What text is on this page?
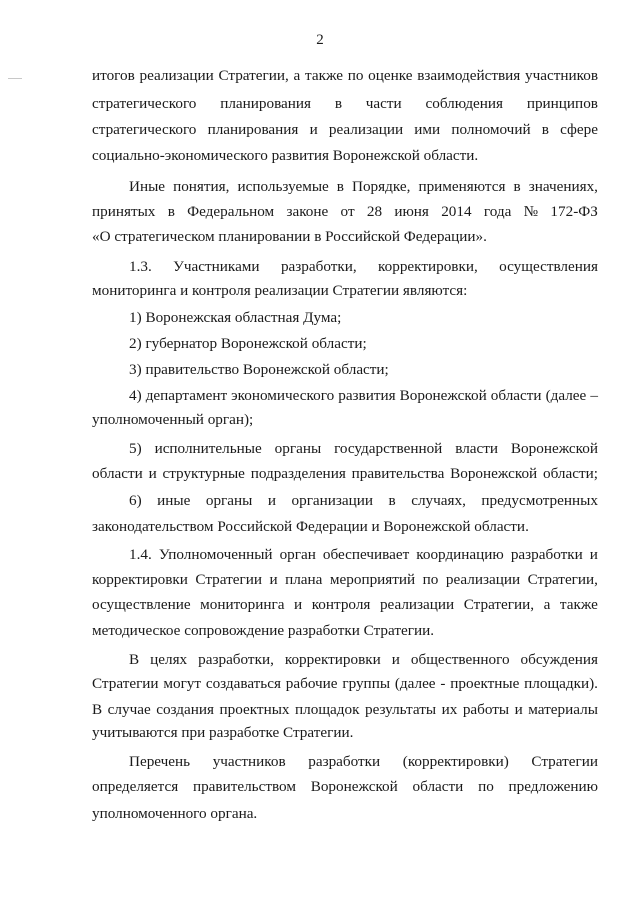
2
итогов реализации Стратегии, а также по оценке взаимодействия участников
стратегического планирования в части соблюдения принципов
стратегического планирования и реализации ими полномочий в сфере
социально-экономического развития Воронежской области.
Иные понятия, используемые в Порядке, применяются в значениях,
принятых в Федеральном законе от 28 июня 2014 года № 172-ФЗ
«О стратегическом планировании в Российской Федерации».
1.3. Участниками разработки, корректировки, осуществления
мониторинга и контроля реализации Стратегии являются:
1) Воронежская областная Дума;
2) губернатор Воронежской области;
3) правительство Воронежской области;
4) департамент экономического развития Воронежской области (далее –
уполномоченный орган);
5) исполнительные органы государственной власти Воронежской
области и структурные подразделения правительства Воронежской области;
6) иные органы и организации в случаях, предусмотренных
законодательством Российской Федерации и Воронежской области.
1.4. Уполномоченный орган обеспечивает координацию разработки и
корректировки Стратегии и плана мероприятий по реализации Стратегии,
осуществление мониторинга и контроля реализации Стратегии, а также
методическое сопровождение разработки Стратегии.
В целях разработки, корректировки и общественного обсуждения
Стратегии могут создаваться рабочие группы (далее - проектные площадки).
В случае создания проектных площадок результаты их работы и материалы
учитываются при разработке Стратегии.
Перечень участников разработки (корректировки) Стратегии
определяется правительством Воронежской области по предложению
уполномоченного органа.
